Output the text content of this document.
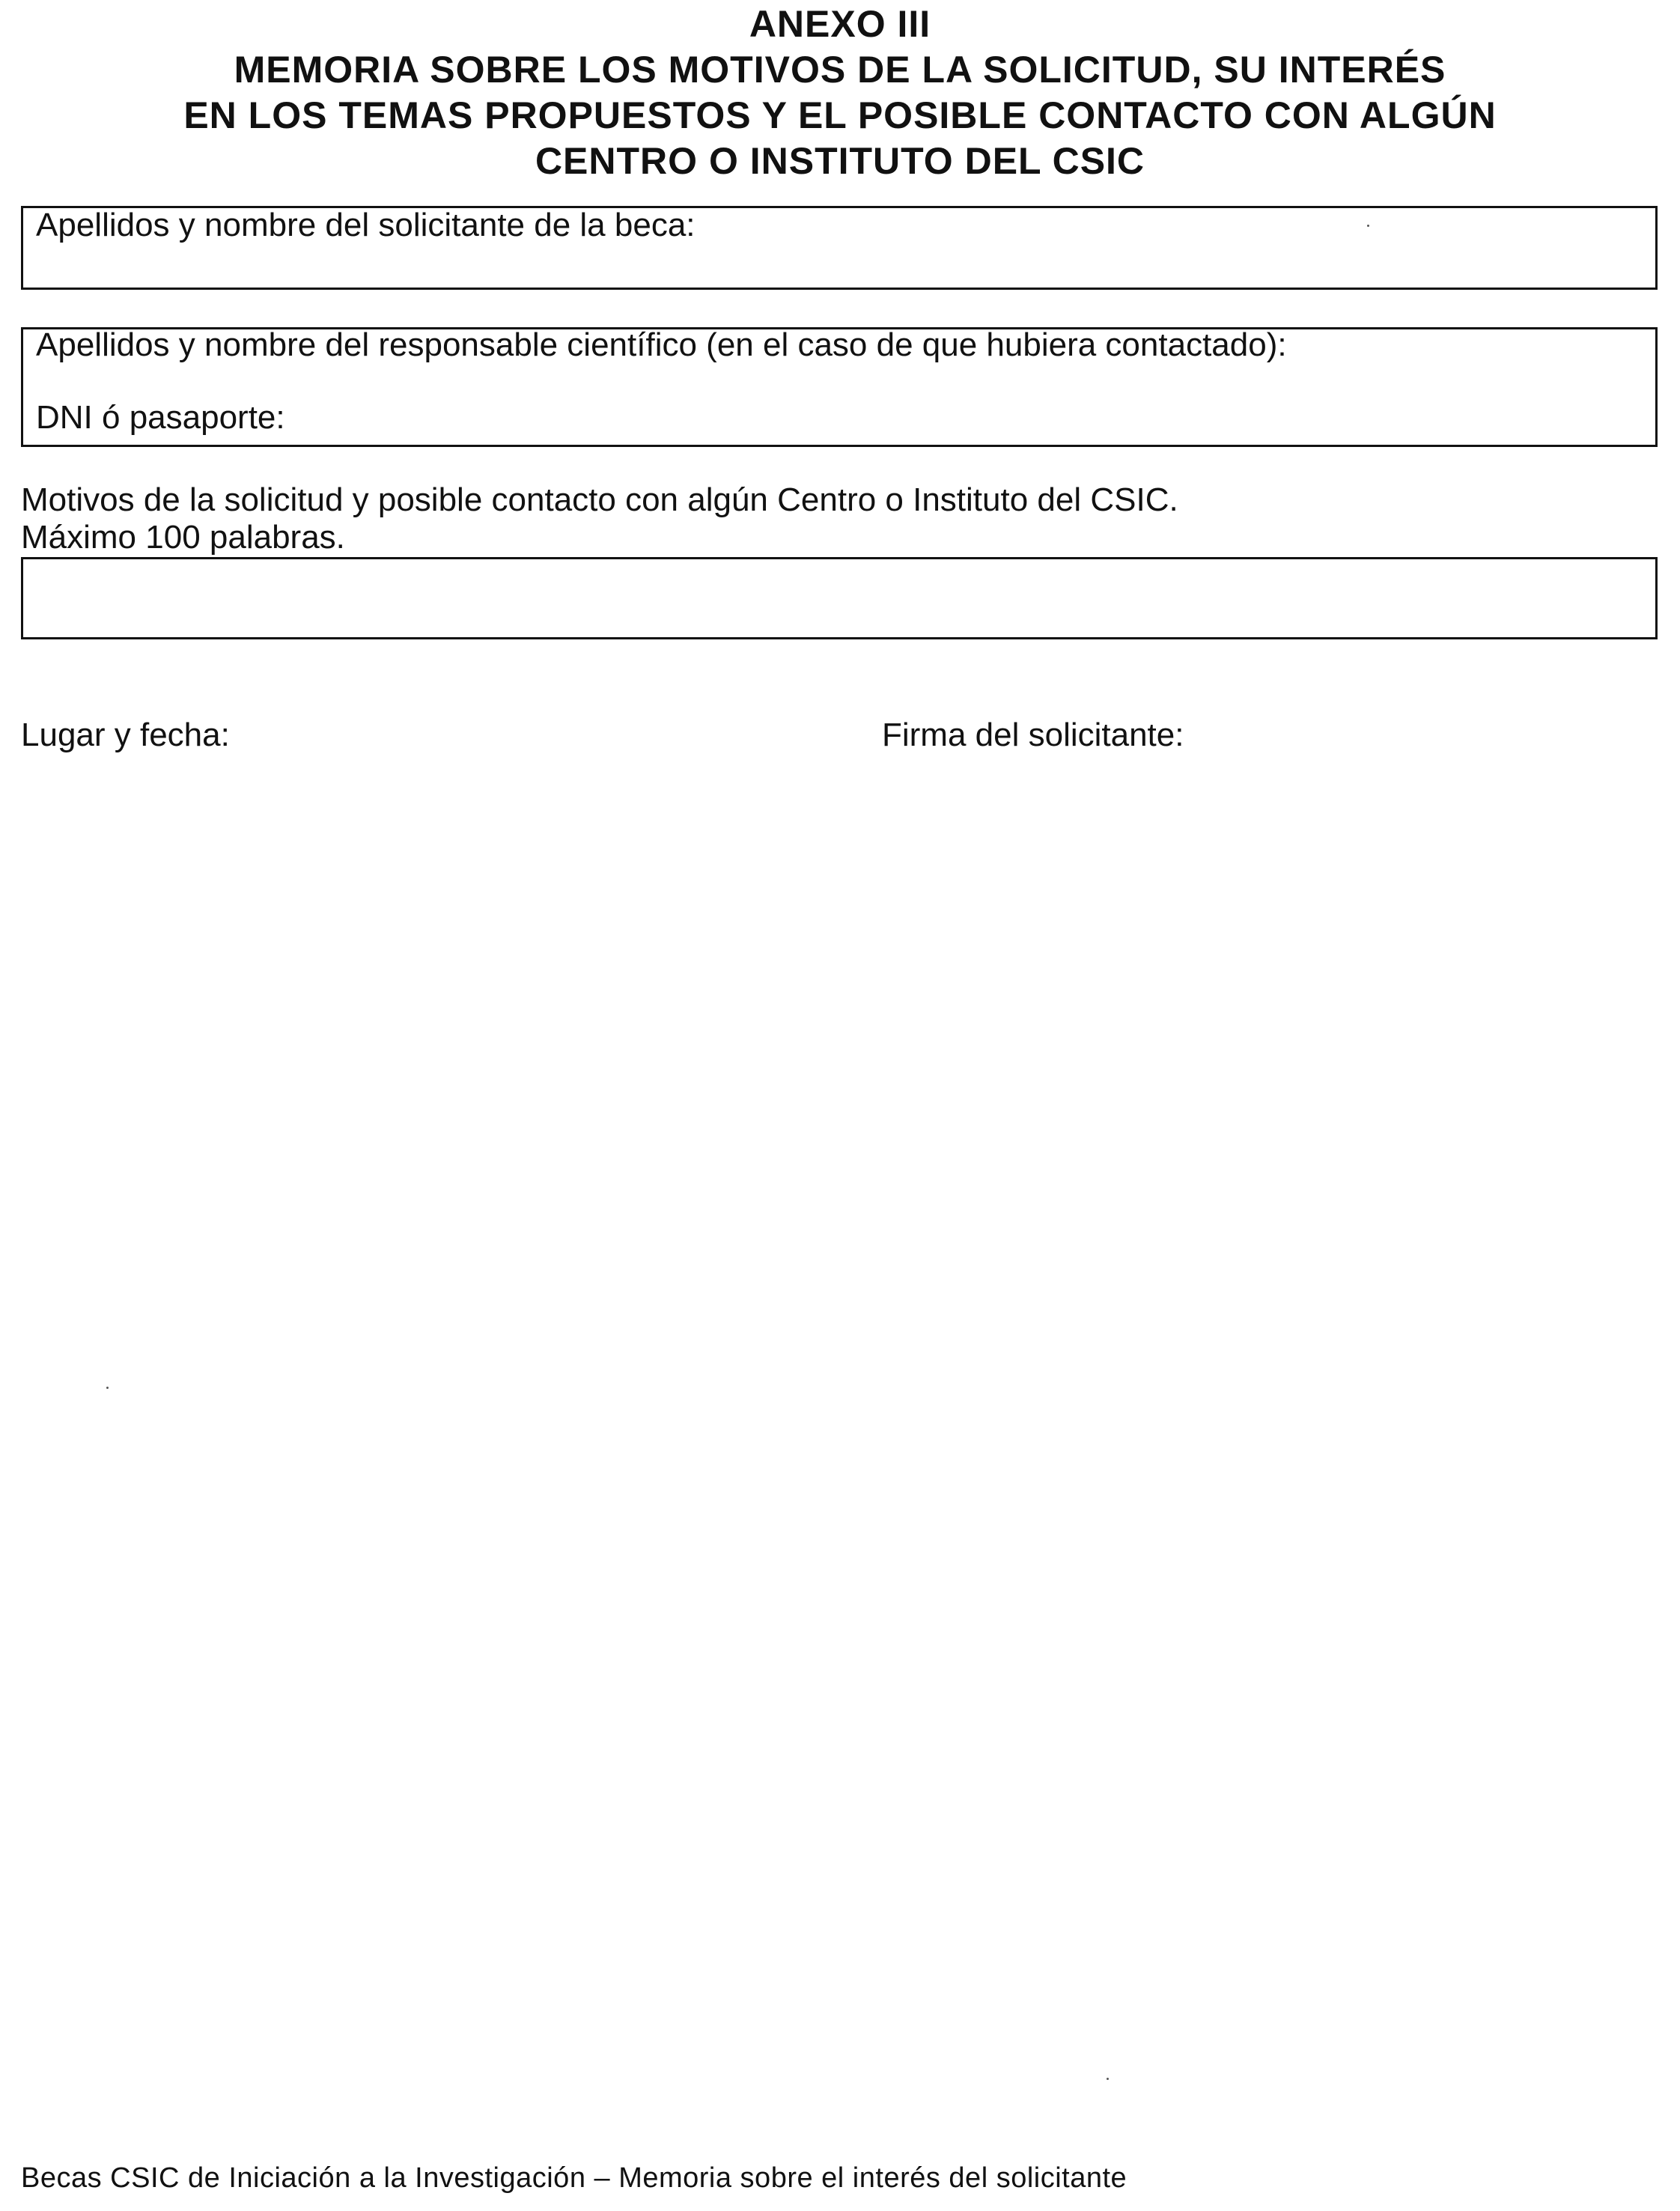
ANEXO III
MEMORIA SOBRE LOS MOTIVOS DE LA SOLICITUD, SU INTERÉS
EN LOS TEMAS PROPUESTOS Y EL POSIBLE CONTACTO CON ALGÚN
CENTRO O INSTITUTO DEL CSIC
Apellidos y nombre del solicitante de la beca:
Apellidos y nombre del responsable científico (en el caso de que hubiera contactado):
DNI ó pasaporte:
Motivos de la solicitud y posible contacto con algún Centro o Instituto del CSIC.
Máximo 100 palabras.
Lugar y fecha:	Firma del solicitante:
Becas CSIC de Iniciación a la Investigación – Memoria sobre el interés del solicitante
